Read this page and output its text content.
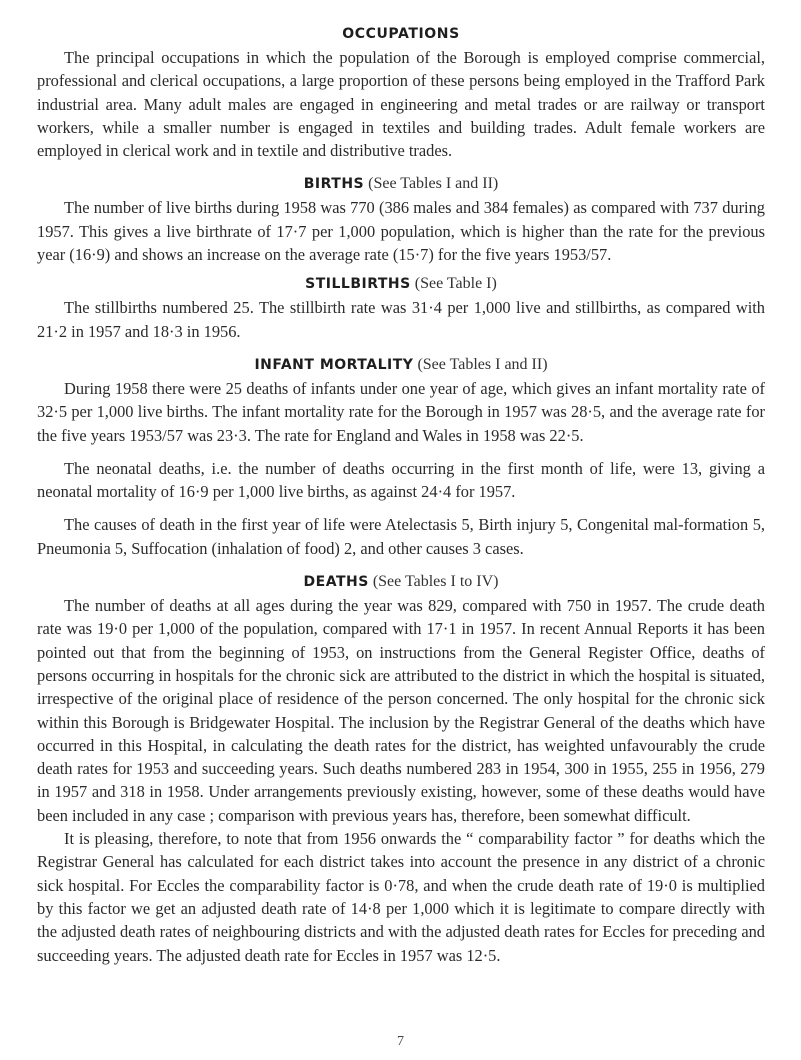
OCCUPATIONS

The principal occupations in which the population of the Borough is employed comprise commercial, professional and clerical occupations, a large proportion of these persons being employed in the Trafford Park industrial area. Many adult males are engaged in engineering and metal trades or are railway or transport workers, while a smaller number is engaged in textiles and building trades. Adult female workers are employed in clerical work and in textile and distributive trades.

BIRTHS (See Tables I and II)

The number of live births during 1958 was 770 (386 males and 384 females) as compared with 737 during 1957. This gives a live birthrate of 17·7 per 1,000 population, which is higher than the rate for the previous year (16·9) and shows an increase on the average rate (15·7) for the five years 1953/57.

STILLBIRTHS (See Table I)

The stillbirths numbered 25. The stillbirth rate was 31·4 per 1,000 live and stillbirths, as compared with 21·2 in 1957 and 18·3 in 1956.

INFANT MORTALITY (See Tables I and II)

During 1958 there were 25 deaths of infants under one year of age, which gives an infant mortality rate of 32·5 per 1,000 live births. The infant mortality rate for the Borough in 1957 was 28·5, and the average rate for the five years 1953/57 was 23·3. The rate for England and Wales in 1958 was 22·5.

The neonatal deaths, i.e. the number of deaths occurring in the first month of life, were 13, giving a neonatal mortality of 16·9 per 1,000 live births, as against 24·4 for 1957.

The causes of death in the first year of life were Atelectasis 5, Birth injury 5, Congenital mal-formation 5, Pneumonia 5, Suffocation (inhalation of food) 2, and other causes 3 cases.

DEATHS (See Tables I to IV)

The number of deaths at all ages during the year was 829, compared with 750 in 1957. The crude death rate was 19·0 per 1,000 of the population, compared with 17·1 in 1957. In recent Annual Reports it has been pointed out that from the beginning of 1953, on instructions from the General Register Office, deaths of persons occurring in hospitals for the chronic sick are attributed to the district in which the hospital is situated, irrespective of the original place of residence of the person concerned. The only hospital for the chronic sick within this Borough is Bridgewater Hospital. The inclusion by the Registrar General of the deaths which have occurred in this Hospital, in calculating the death rates for the district, has weighted unfavourably the crude death rates for 1953 and succeeding years. Such deaths numbered 283 in 1954, 300 in 1955, 255 in 1956, 279 in 1957 and 318 in 1958. Under arrangements previously existing, however, some of these deaths would have been included in any case ; comparison with previous years has, therefore, been somewhat difficult.

It is pleasing, therefore, to note that from 1956 onwards the “ comparability factor ” for deaths which the Registrar General has calculated for each district takes into account the presence in any district of a chronic sick hospital. For Eccles the comparability factor is 0·78, and when the crude death rate of 19·0 is multiplied by this factor we get an adjusted death rate of 14·8 per 1,000 which it is legitimate to compare directly with the adjusted death rates of neighbouring districts and with the adjusted death rates for Eccles for preceding and succeeding years. The adjusted death rate for Eccles in 1957 was 12·5.

7
